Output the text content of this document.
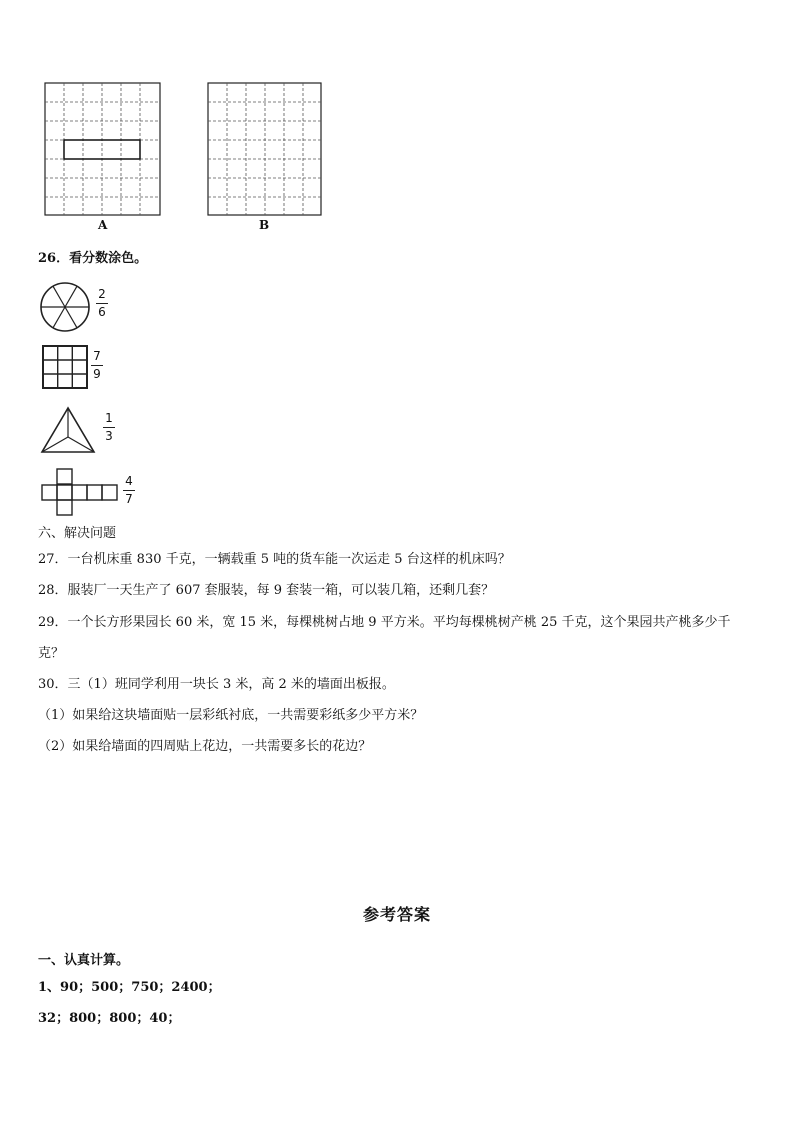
A	B
26．看分数涂色。
2
6
7
9
1
3
4
7
六、解决问题
27．一台机床重 830 千克，一辆载重 5 吨的货车能一次运走 5 台这样的机床吗？
28．服装厂一天生产了 607 套服装，每 9 套装一箱，可以装几箱，还剩几套？
29．一个长方形果园长 60 米，宽 15 米，每棵桃树占地 9 平方米。平均每棵桃树产桃 25 千克，这个果园共产桃多少千
克？
30．三（1）班同学利用一块长 3 米，高 2 米的墙面出板报。
（1）如果给这块墙面贴一层彩纸衬底，一共需要彩纸多少平方米？
（2）如果给墙面的四周贴上花边，一共需要多长的花边？
参考答案
一、认真计算。
1、90；500；750；2400；
32；800；800；40；
